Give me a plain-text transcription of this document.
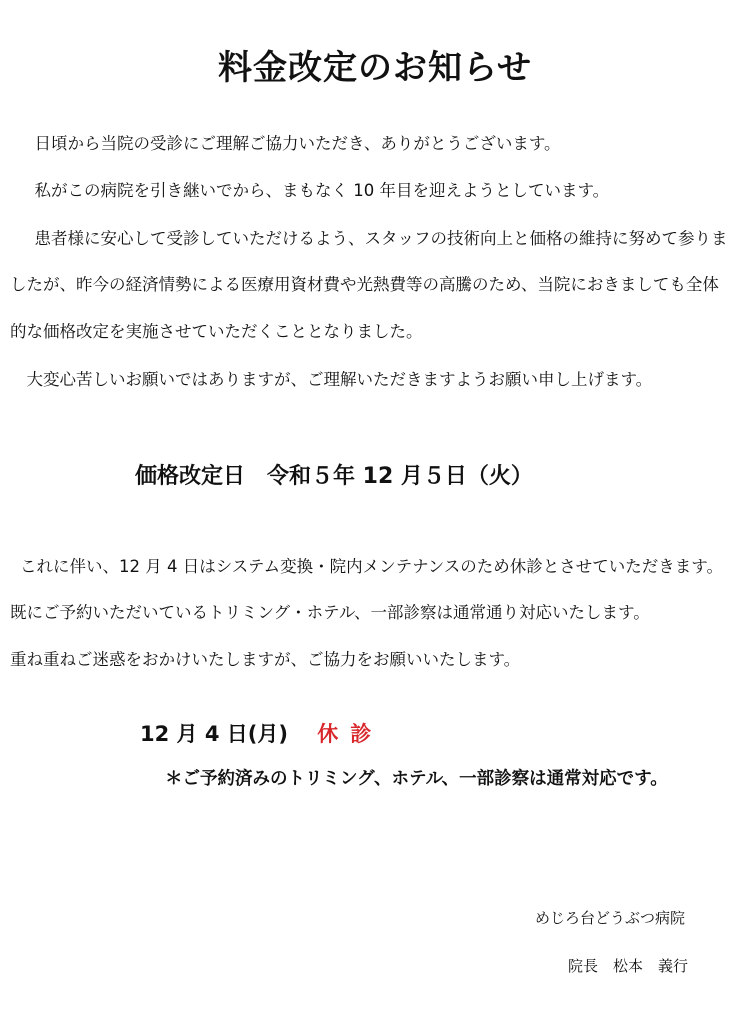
料金改定のお知らせ
　日頃から当院の受診にご理解ご協力いただき、ありがとうございます。
　私がこの病院を引き継いでから、まもなく 10 年目を迎えようとしています。
　患者様に安心して受診していただけるよう、スタッフの技術向上と価格の維持に努めて参りま
したが、昨今の経済情勢による医療用資材費や光熱費等の高騰のため、当院におきましても全体
的な価格改定を実施させていただくこととなりました。
　大変心苦しいお願いではありますが、ご理解いただきますようお願い申し上げます。
価格改定日　令和５年 12 月５日（火）
これに伴い、12 月 4 日はシステム変換・院内メンテナンスのため休診とさせていただきます。
既にご予約いただいているトリミング・ホテル、一部診察は通常通り対応いたします。
重ね重ねご迷惑をおかけいたしますが、ご協力をお願いいたします。
12 月 4 日(月) 休診
＊ご予約済みのトリミング、ホテル、一部診察は通常対応です。
めじろ台どうぶつ病院
院長　松本　義行
